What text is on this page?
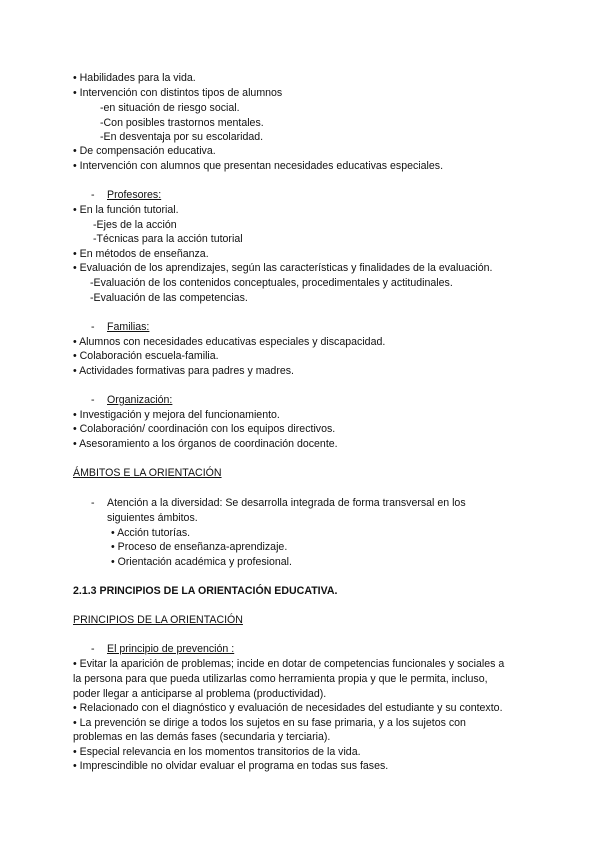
• Habilidades para la vida.
• Intervención con distintos tipos de alumnos
-en situación de riesgo social.
-Con posibles trastornos mentales.
-En desventaja por su escolaridad.
• De compensación educativa.
• Intervención con alumnos que presentan necesidades educativas especiales.
- Profesores:
• En la función tutorial.
-Ejes de la acción
-Técnicas para la acción tutorial
• En métodos de enseñanza.
• Evaluación de los aprendizajes, según las características y finalidades de la evaluación.
-Evaluación de los contenidos conceptuales, procedimentales y actitudinales.
-Evaluación de las competencias.
- Familias:
• Alumnos con necesidades educativas especiales y discapacidad.
• Colaboración escuela-familia.
• Actividades formativas para padres y madres.
- Organización:
• Investigación y mejora del funcionamiento.
• Colaboración/ coordinación con los equipos directivos.
• Asesoramiento a los órganos de coordinación docente.
ÁMBITOS E LA ORIENTACIÓN
- Atención a la diversidad: Se desarrolla integrada de forma transversal en los
siguientes ámbitos.
• Acción tutorías.
• Proceso de enseñanza-aprendizaje.
• Orientación académica y profesional.
2.1.3 PRINCIPIOS DE LA ORIENTACIÓN EDUCATIVA.
PRINCIPIOS DE LA ORIENTACIÓN
- El principio de prevención :
• Evitar la aparición de problemas; incide en dotar de competencias funcionales y sociales a
la persona para que pueda utilizarlas como herramienta propia y que le permita, incluso,
poder llegar a anticiparse al problema (productividad).
• Relacionado con el diagnóstico y evaluación de necesidades del estudiante y su contexto.
• La prevención se dirige a todos los sujetos en su fase primaria, y a los sujetos con
problemas en las demás fases (secundaria y terciaria).
• Especial relevancia en los momentos transitorios de la vida.
• Imprescindible no olvidar evaluar el programa en todas sus fases.
